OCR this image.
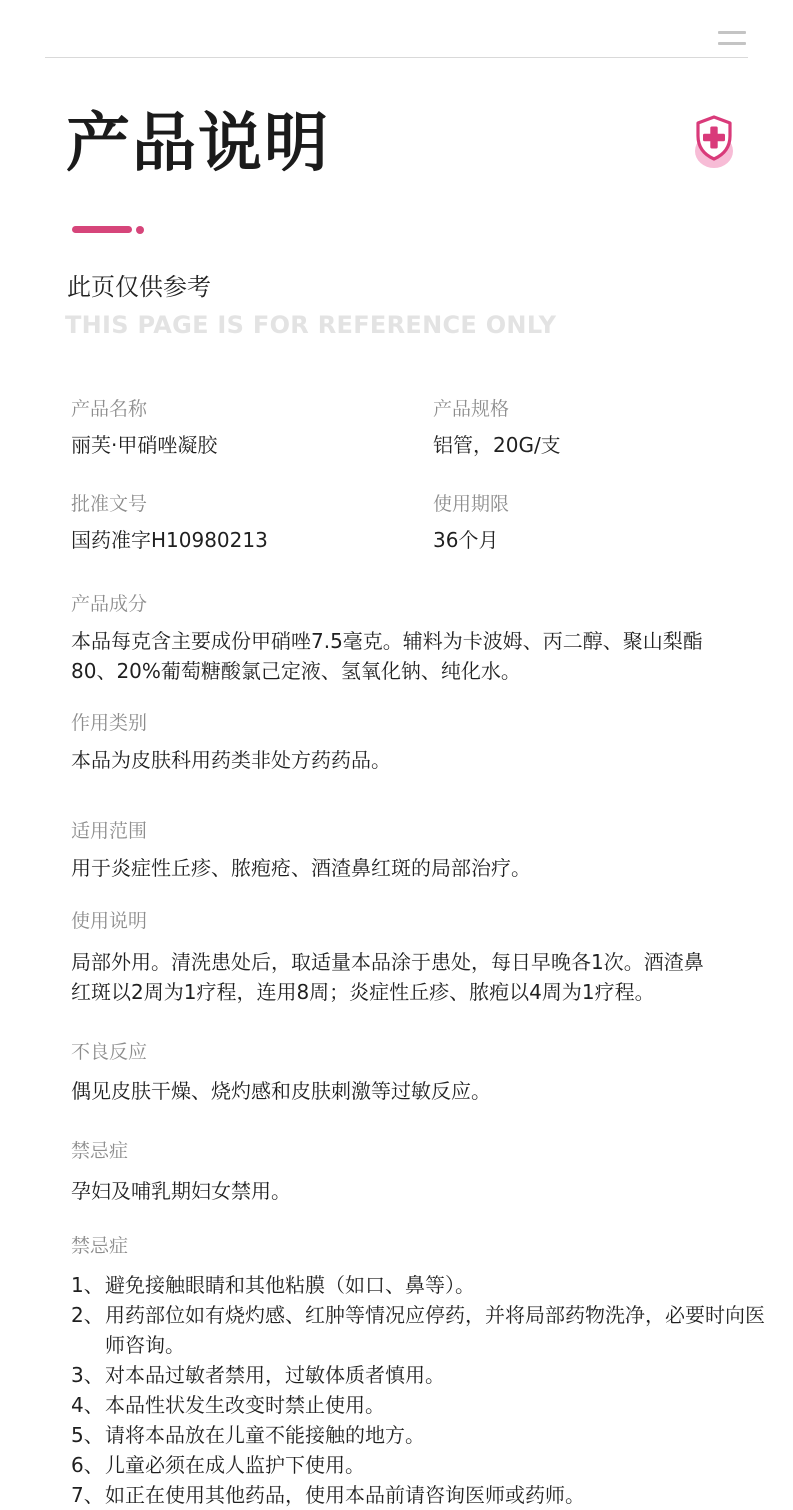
产品说明
此页仅供参考
THIS PAGE IS FOR REFERENCE ONLY
产品名称
丽芙·甲硝唑凝胶
产品规格
铝管，20G/支
批准文号
国药准字H10980213
使用期限
36个月
产品成分
本品每克含主要成份甲硝唑7.5毫克。辅料为卡波姆、丙二醇、聚山梨酯
80、20%葡萄糖酸氯己定液、氢氧化钠、纯化水。
作用类别
本品为皮肤科用药类非处方药药品。
适用范围
用于炎症性丘疹、脓疱疮、酒渣鼻红斑的局部治疗。
使用说明
局部外用。清洗患处后，取适量本品涂于患处，每日早晚各1次。酒渣鼻
红斑以2周为1疗程，连用8周；炎症性丘疹、脓疱以4周为1疗程。
不良反应
偶见皮肤干燥、烧灼感和皮肤刺激等过敏反应。
禁忌症
孕妇及哺乳期妇女禁用。
禁忌症
1、 避免接触眼睛和其他粘膜（如口、鼻等）。
2、 用药部位如有烧灼感、红肿等情况应停药，并将局部药物洗净，必要时向医师咨询。
3、 对本品过敏者禁用，过敏体质者慎用。
4、 本品性状发生改变时禁止使用。
5、 请将本品放在儿童不能接触的地方。
6、 儿童必须在成人监护下使用。
7、 如正在使用其他药品，使用本品前请咨询医师或药师。
